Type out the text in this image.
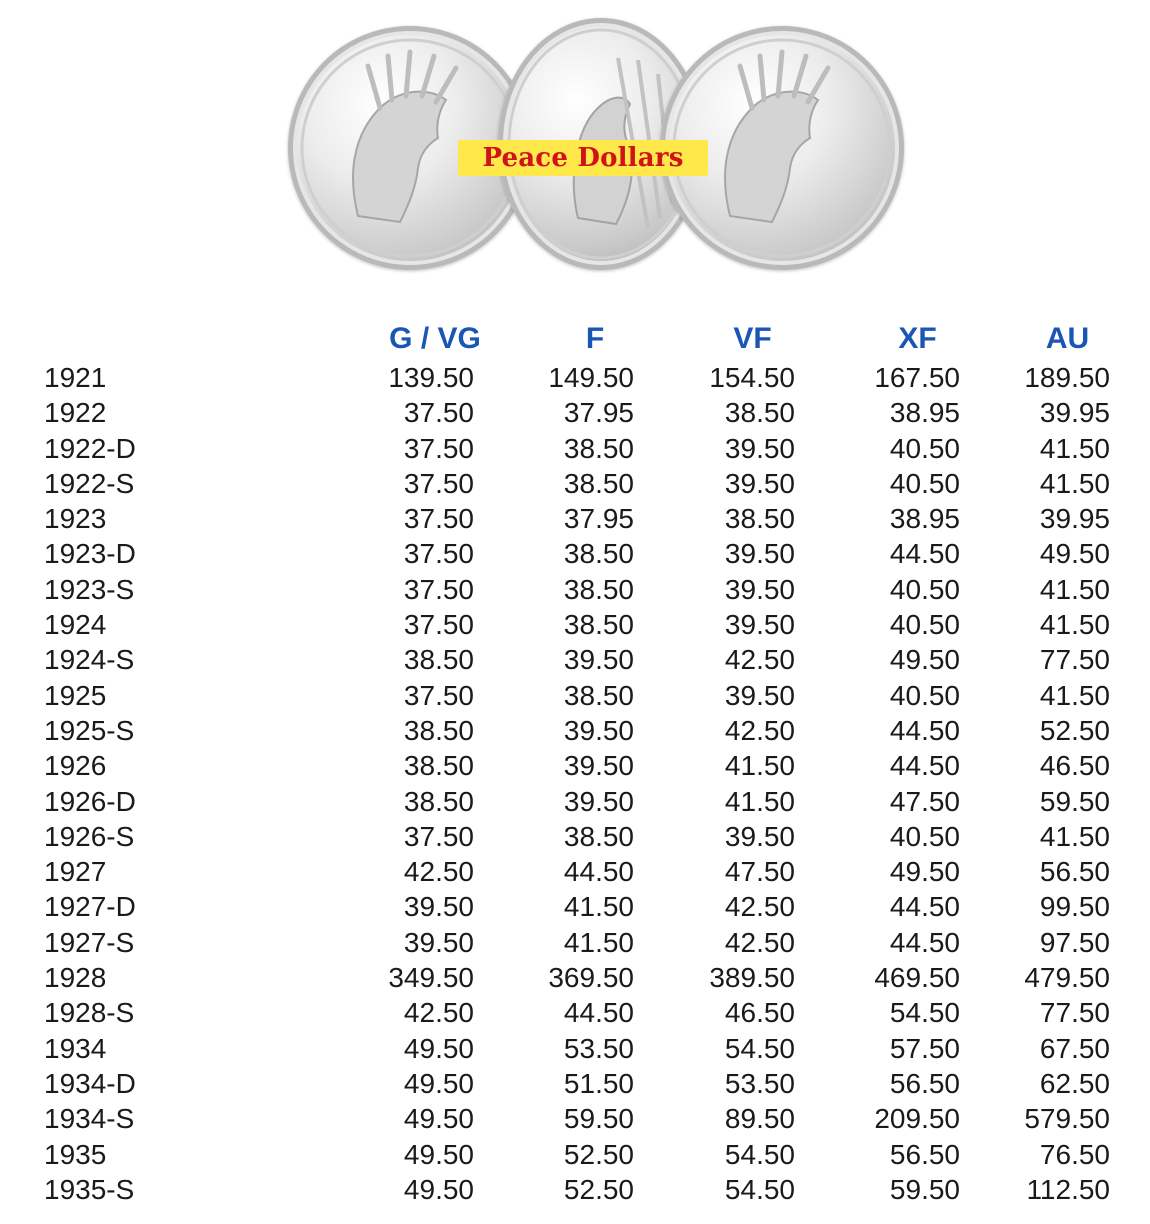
Peace Dollars
G / VG	F	VF	XF	AU
1921	139.50	149.50	154.50	167.50 189.50
1922	37.50	37.95	38.50	38.95	39.95
1922-D	37.50	38.50	39.50	40.50	41.50
1922-S	37.50	38.50	39.50	40.50	41.50
1923	37.50	37.95	38.50	38.95	39.95
1923-D	37.50	38.50	39.50	44.50	49.50
1923-S	37.50	38.50	39.50	40.50	41.50
1924	37.50	38.50	39.50	40.50	41.50
1924-S	38.50	39.50	42.50	49.50	77.50
1925	37.50	38.50	39.50	40.50	41.50
1925-S	38.50	39.50	42.50	44.50	52.50
1926	38.50	39.50	41.50	44.50	46.50
1926-D	38.50	39.50	41.50	47.50	59.50
1926-S	37.50	38.50	39.50	40.50	41.50
1927	42.50	44.50	47.50	49.50	56.50
1927-D	39.50	41.50	42.50	44.50	99.50
1927-S	39.50	41.50	42.50	44.50	97.50
1928	349.50	369.50	389.50	469.50 479.50
1928-S	42.50	44.50	46.50	54.50	77.50
1934	49.50	53.50	54.50	57.50	67.50
1934-D	49.50	51.50	53.50	56.50	62.50
1934-S	49.50	59.50	89.50	209.50 579.50
1935	49.50	52.50	54.50	56.50	76.50
1935-S	49.50	52.50	54.50	59.50 112.50
